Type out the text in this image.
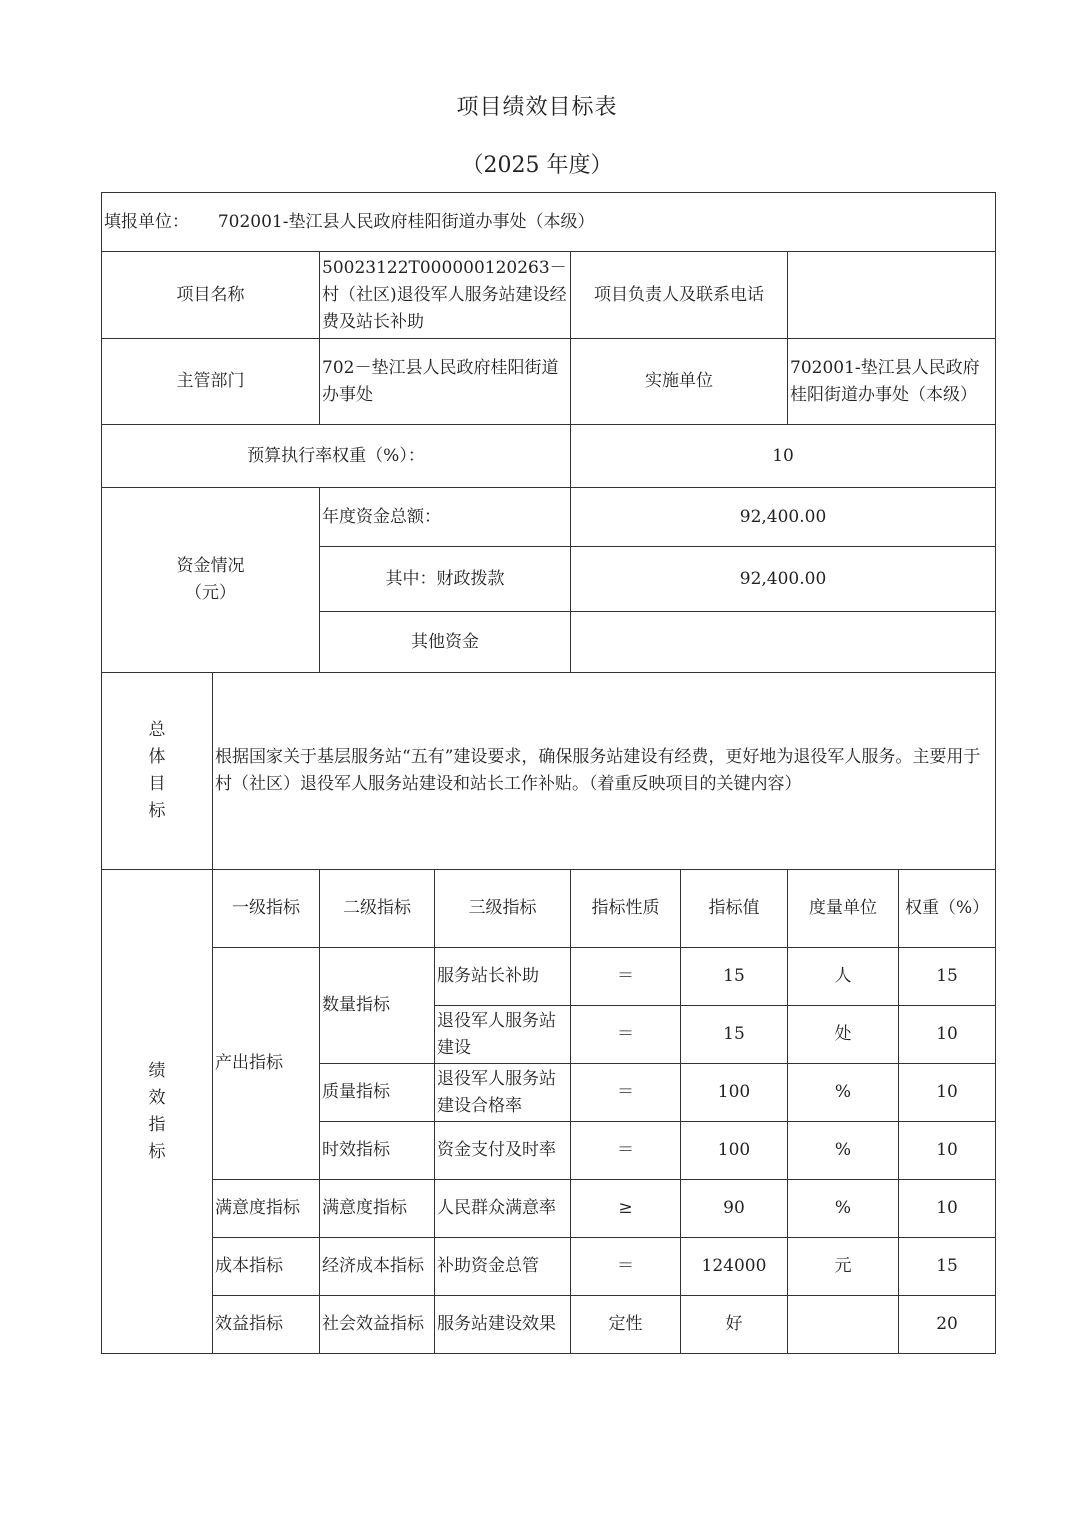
项目绩效目标表
（2025 年度）
填报单位： 702001-垫江县人民政府桂阳街道办事处（本级）							
项目名称		50023122T000000120263－村（社区)退役军人服务站建设经费及站长补助		项目负责人及联系电话			
主管部门		702－垫江县人民政府桂阳街道办事处		实施单位		702001-垫江县人民政府桂阳街道办事处（本级）	
预算执行率权重（%）：				10			
资金情况
（元）		年度资金总额：		92,400.00			
		其中：财政拨款		92,400.00			
		其他资金					

总
体
目
标	根据国家关于基层服务站“五有”建设要求，确保服务站建设有经费，更好地为退役军人服务。主要用于村（社区）退役军人服务站建设和站长工作补贴。（着重反映项目的关键内容）						

绩
效
指
标	一级指标	二级指标	三级指标	指标性质	指标值	度量单位	权重（%）
	产出指标	数量指标	服务站长补助	＝	15	人	15
			退役军人服务站建设	＝	15	处	10
		质量指标	退役军人服务站建设合格率	＝	100	%	10
		时效指标	资金支付及时率	＝	100	%	10
	满意度指标	满意度指标	人民群众满意率	≥	90	%	10
	成本指标	经济成本指标	补助资金总管	＝	124000	元	15
	效益指标	社会效益指标	服务站建设效果	定性	好		20
